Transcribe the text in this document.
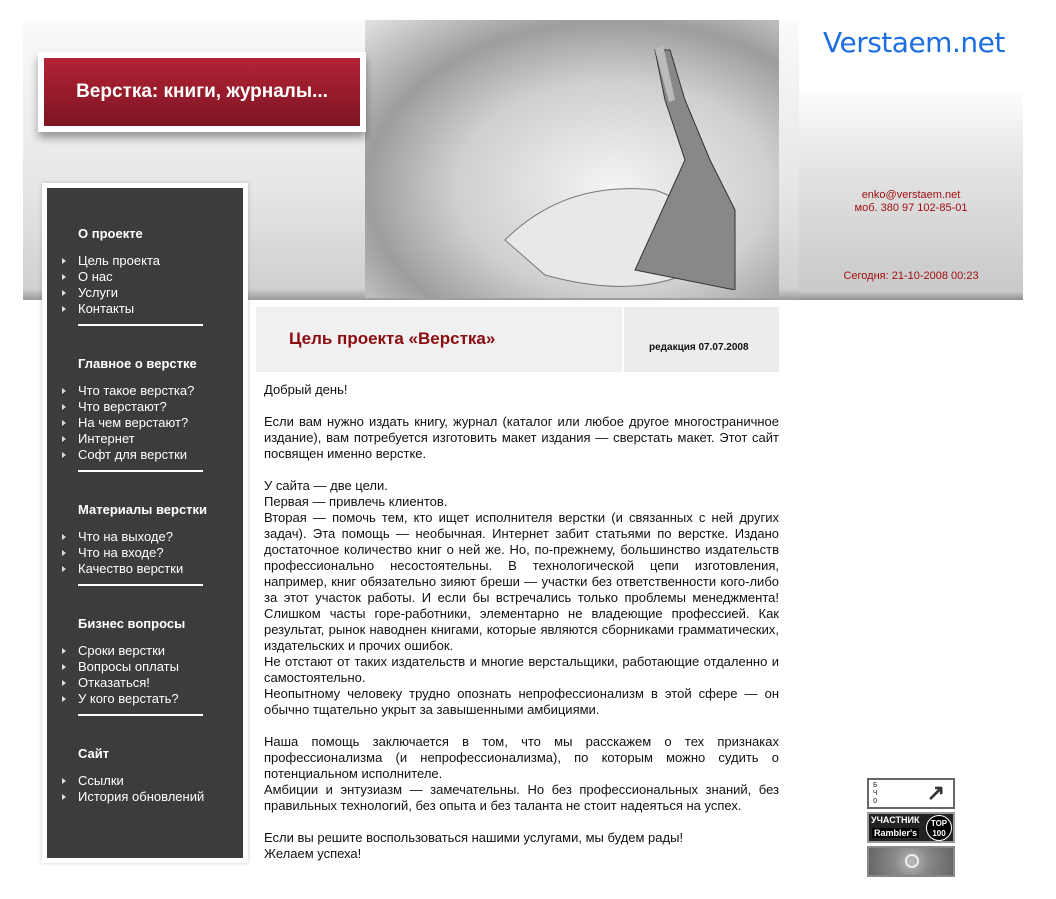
Verstaem.net
enko@verstaem.net
моб. 380 97 102-85-01
Сегодня: 21-10-2008 00:23
Верстка: книги, журналы...
О проекте
Цель проекта
О нас
Услуги
Контакты
Главное о верстке
Что такое верстка?
Что верстают?
На чем верстают?
Интернет
Софт для верстки
Материалы верстки
Что на выходе?
Что на входе?
Качество верстки
Бизнес вопросы
Сроки верстки
Вопросы оплаты
Отказаться!
У кого верстать?
Сайт
Ссылки
История обновлений
Цель проекта «Верстка»	редакция 07.07.2008

Добрый день!

Если вам нужно издать книгу, журнал (каталог или любое другое многостраничное издание), вам потребуется изготовить макет издания — сверстать макет. Этот сайт посвящен именно верстке.

У сайта — две цели.

Первая — привлечь клиентов.

Вторая — помочь тем, кто ищет исполнителя верстки (и связанных с ней других задач). Эта помощь — необычная. Интернет забит статьями по верстке. Издано достаточное количество книг о ней же. Но, по-прежнему, большинство издательств профессионально несостоятельны. В технологической цепи изготовления, например, книг обязательно зияют бреши — участки без ответственности кого-либо за этот участок работы. И если бы встречались только проблемы менеджмента! Слишком часты горе-работники, элементарно не владеющие профессией. Как результат, рынок наводнен книгами, которые являются сборниками грамматических, издательских и прочих ошибок.

Не отстают от таких издательств и многие верстальщики, работающие отдаленно и самостоятельно.

Неопытному человеку трудно опознать непрофессионализм в этой сфере — он обычно тщательно укрыт за завышенными амбициями.

Наша помощь заключается в том, что мы расскажем о тех признаках профессионализма (и непрофессионализма), по которым можно судить о потенциальном исполнителе.

Амбиции и энтузиазм — замечательны. Но без профессиональных знаний, без правильных технологий, без опыта и без таланта не стоит надеяться на успех.

Если вы решите воспользоваться нашими услугами, мы будем рады!

Желаем успеха!

БЧО ↗
УЧАСТНИК
Rambler's
TOP 100
